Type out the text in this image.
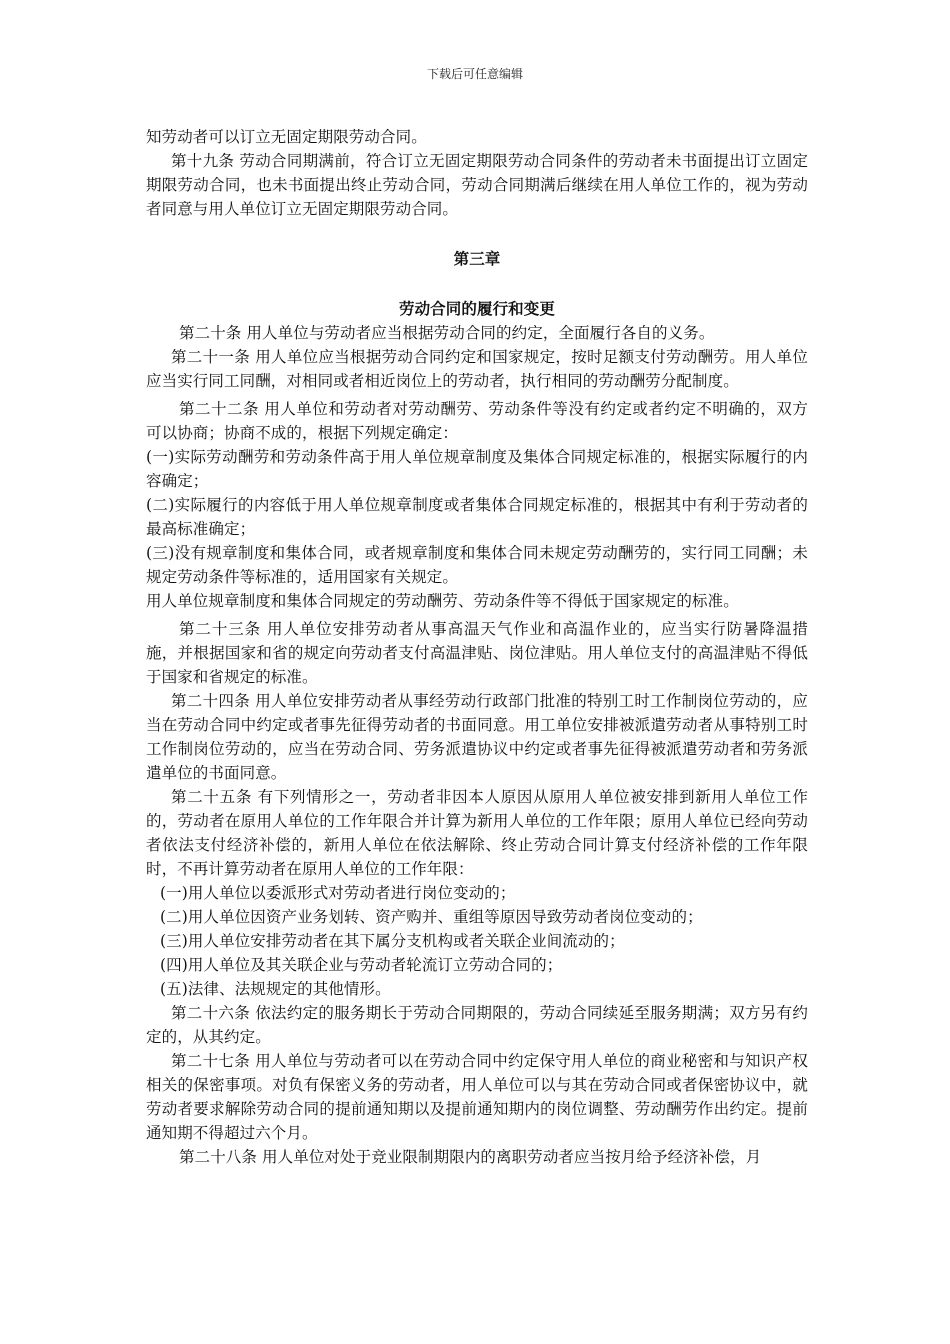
下载后可任意编辑

知劳动者可以订立无固定期限劳动合同。

第十九条 劳动合同期满前，符合订立无固定期限劳动合同条件的劳动者未书面提出订立固定期限劳动合同，也未书面提出终止劳动合同，劳动合同期满后继续在用人单位工作的，视为劳动者同意与用人单位订立无固定期限劳动合同。

第三章

劳动合同的履行和变更

第二十条 用人单位与劳动者应当根据劳动合同的约定，全面履行各自的义务。

第二十一条 用人单位应当根据劳动合同约定和国家规定，按时足额支付劳动酬劳。用人单位应当实行同工同酬，对相同或者相近岗位上的劳动者，执行相同的劳动酬劳分配制度。

第二十二条 用人单位和劳动者对劳动酬劳、劳动条件等没有约定或者约定不明确的，双方可以协商；协商不成的，根据下列规定确定：

(一)实际劳动酬劳和劳动条件高于用人单位规章制度及集体合同规定标准的，根据实际履行的内容确定；

(二)实际履行的内容低于用人单位规章制度或者集体合同规定标准的，根据其中有利于劳动者的最高标准确定；

(三)没有规章制度和集体合同，或者规章制度和集体合同未规定劳动酬劳的，实行同工同酬；未规定劳动条件等标准的，适用国家有关规定。

用人单位规章制度和集体合同规定的劳动酬劳、劳动条件等不得低于国家规定的标准。

第二十三条 用人单位安排劳动者从事高温天气作业和高温作业的，应当实行防暑降温措施，并根据国家和省的规定向劳动者支付高温津贴、岗位津贴。用人单位支付的高温津贴不得低于国家和省规定的标准。

第二十四条 用人单位安排劳动者从事经劳动行政部门批准的特别工时工作制岗位劳动的，应当在劳动合同中约定或者事先征得劳动者的书面同意。用工单位安排被派遣劳动者从事特别工时工作制岗位劳动的，应当在劳动合同、劳务派遣协议中约定或者事先征得被派遣劳动者和劳务派遣单位的书面同意。

第二十五条 有下列情形之一，劳动者非因本人原因从原用人单位被安排到新用人单位工作的，劳动者在原用人单位的工作年限合并计算为新用人单位的工作年限；原用人单位已经向劳动者依法支付经济补偿的，新用人单位在依法解除、终止劳动合同计算支付经济补偿的工作年限时，不再计算劳动者在原用人单位的工作年限：

(一)用人单位以委派形式对劳动者进行岗位变动的；

(二)用人单位因资产业务划转、资产购并、重组等原因导致劳动者岗位变动的；

(三)用人单位安排劳动者在其下属分支机构或者关联企业间流动的；

(四)用人单位及其关联企业与劳动者轮流订立劳动合同的；

(五)法律、法规规定的其他情形。

第二十六条 依法约定的服务期长于劳动合同期限的，劳动合同续延至服务期满；双方另有约定的，从其约定。

第二十七条 用人单位与劳动者可以在劳动合同中约定保守用人单位的商业秘密和与知识产权相关的保密事项。对负有保密义务的劳动者，用人单位可以与其在劳动合同或者保密协议中，就劳动者要求解除劳动合同的提前通知期以及提前通知期内的岗位调整、劳动酬劳作出约定。提前通知期不得超过六个月。

第二十八条 用人单位对处于竞业限制期限内的离职劳动者应当按月给予经济补偿，月
